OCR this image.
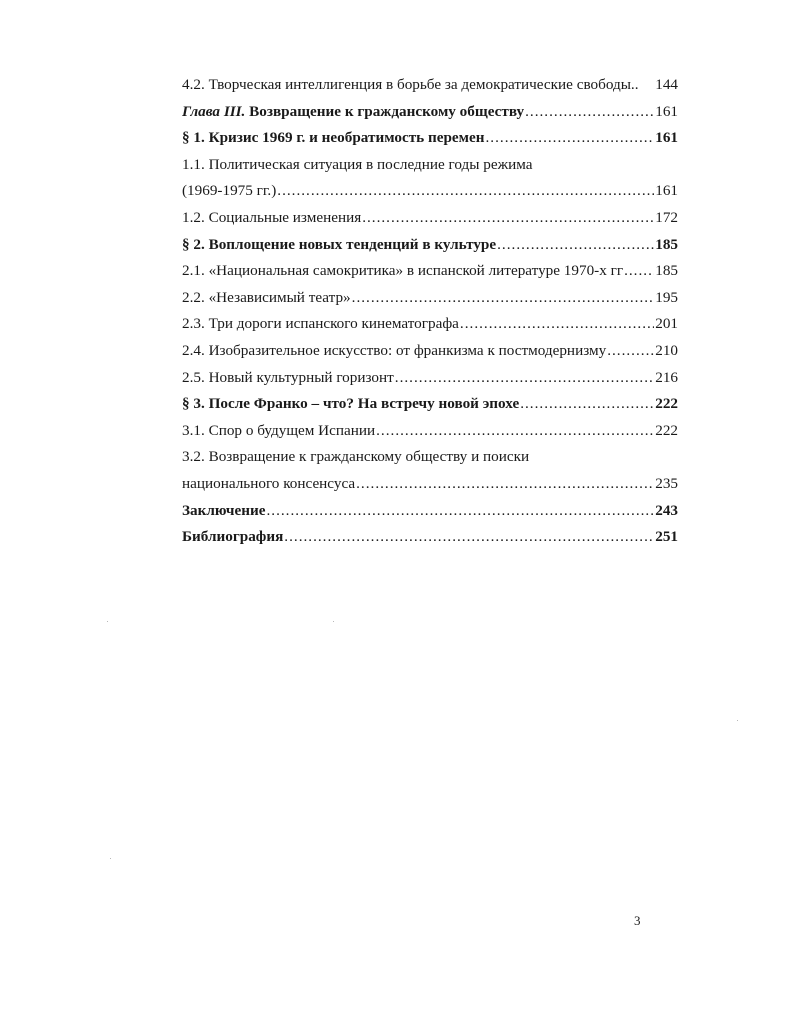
4.2. Творческая интеллигенция в борьбе за демократические свободы.. 144
Глава III. Возвращение к гражданскому обществу .....	161
§ 1. Кризис 1969 г. и необратимость перемен .....	161
1.1. Политическая ситуация в последние годы режима
(1969-1975 гг.) .....	161
1.2. Социальные изменения .....	172
§ 2. Воплощение новых тенденций в культуре .....	185
2.1. «Национальная самокритика» в испанской литературе 1970-х гг ..... 185
2.2. «Независимый театр» .....	195
2.3. Три дороги испанского кинематографа .....	201
2.4. Изобразительное искусство: от франкизма к постмодернизму .....	210
2.5. Новый культурный горизонт .....	216
§ 3. После Франко – что? На встречу новой эпохе .....	222
3.1. Спор о будущем Испании .....	222
3.2. Возвращение к гражданскому обществу и поиски
национального консенсуса .....	235
Заключение .....	243
Библиография .....	251
3
